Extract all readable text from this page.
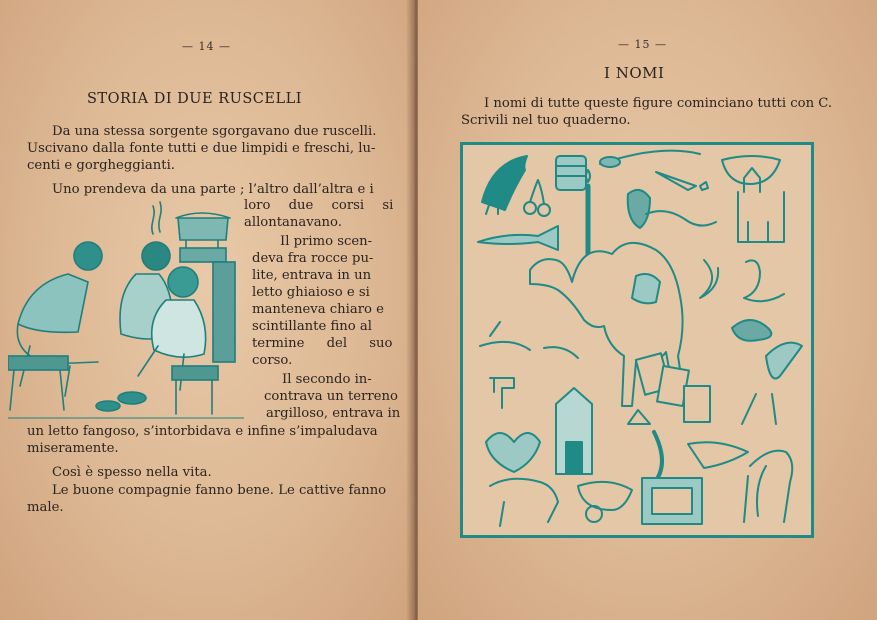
— 14 —
STORIA DI DUE RUSCELLI
Da una stessa sorgente sgorgavano due ruscelli.
Uscivano dalla fonte tutti e due limpidi e freschi, lu-
centi e gorgheggianti.
Uno prendeva da una parte ; l’altro dall’altra e i
loro due corsi si
allontanavano.
Il primo scen-
deva fra rocce pu-
lite, entrava in un
letto ghiaioso e si
manteneva chiaro e
scintillante fino al
termine del suo
corso.
Il secondo in-
contrava un terreno
argilloso, entrava in
un letto fangoso, s’intorbidava e infine s’impaludava
miseramente.
Così è spesso nella vita.
Le buone compagnie fanno bene. Le cattive fanno
male.
— 15 —
I NOMI
I nomi di tutte queste figure cominciano tutti con C.
Scrivili nel tuo quaderno.
